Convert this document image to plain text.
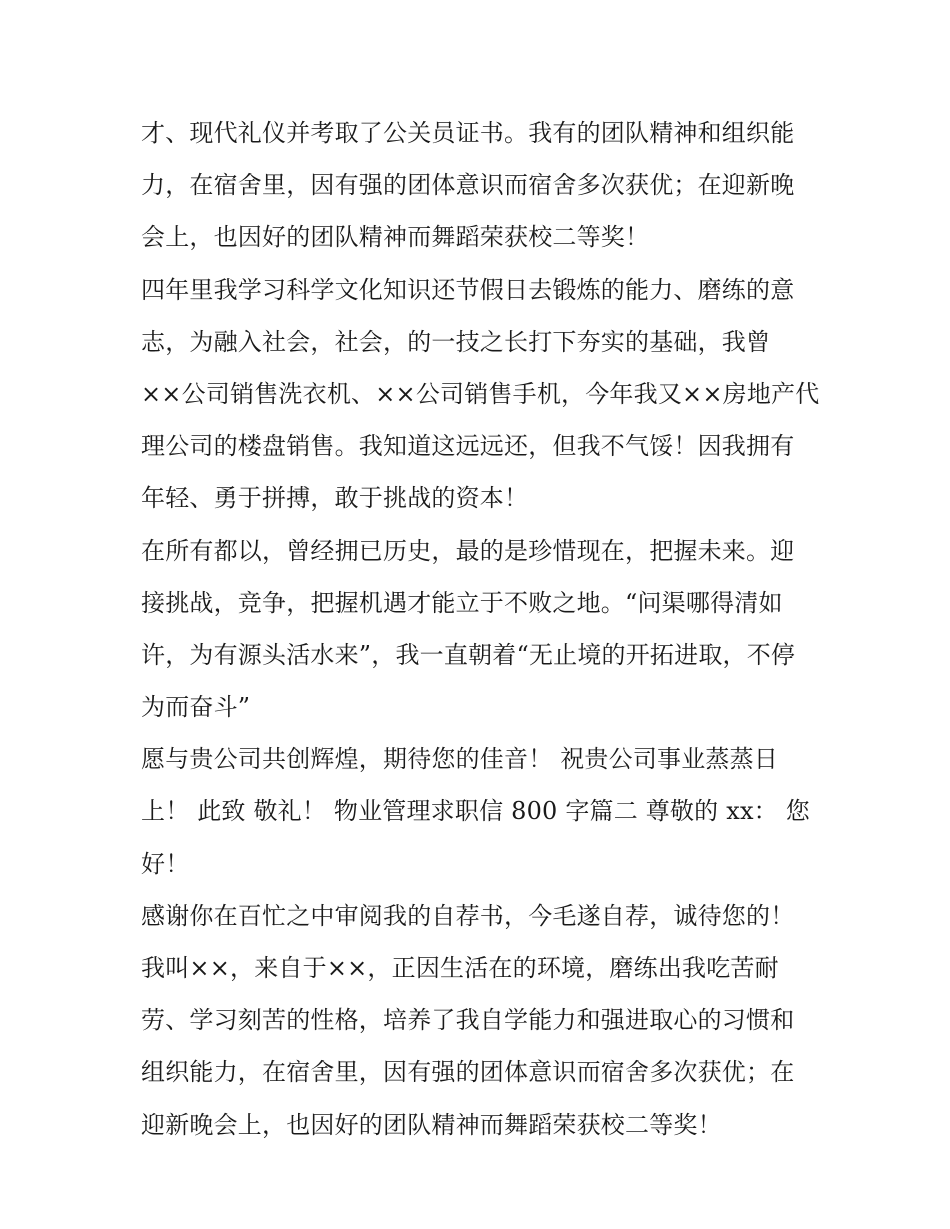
才、现代礼仪并考取了公关员证书。我有的团队精神和组织能
力，在宿舍里，因有强的团体意识而宿舍多次获优；在迎新晚
会上，也因好的团队精神而舞蹈荣获校二等奖！
四年里我学习科学文化知识还节假日去锻炼的能力、磨练的意
志，为融入社会，社会，的一技之长打下夯实的基础，我曾
××公司销售洗衣机、××公司销售手机，今年我又××房地产代
理公司的楼盘销售。我知道这远远还，但我不气馁！因我拥有
年轻、勇于拼搏，敢于挑战的资本！
在所有都以，曾经拥已历史，最的是珍惜现在，把握未来。迎
接挑战，竞争，把握机遇才能立于不败之地。“问渠哪得清如
许，为有源头活水来”，我一直朝着“无止境的开拓进取，不停
为而奋斗”
愿与贵公司共创辉煌，期待您的佳音！ 祝贵公司事业蒸蒸日
上！ 此致 敬礼！ 物业管理求职信 800 字篇二 尊敬的 xx： 您
好！
感谢你在百忙之中审阅我的自荐书，今毛遂自荐，诚待您的！
我叫××，来自于××，正因生活在的环境，磨练出我吃苦耐
劳、学习刻苦的性格，培养了我自学能力和强进取心的习惯和
组织能力，在宿舍里，因有强的团体意识而宿舍多次获优；在
迎新晚会上，也因好的团队精神而舞蹈荣获校二等奖！
